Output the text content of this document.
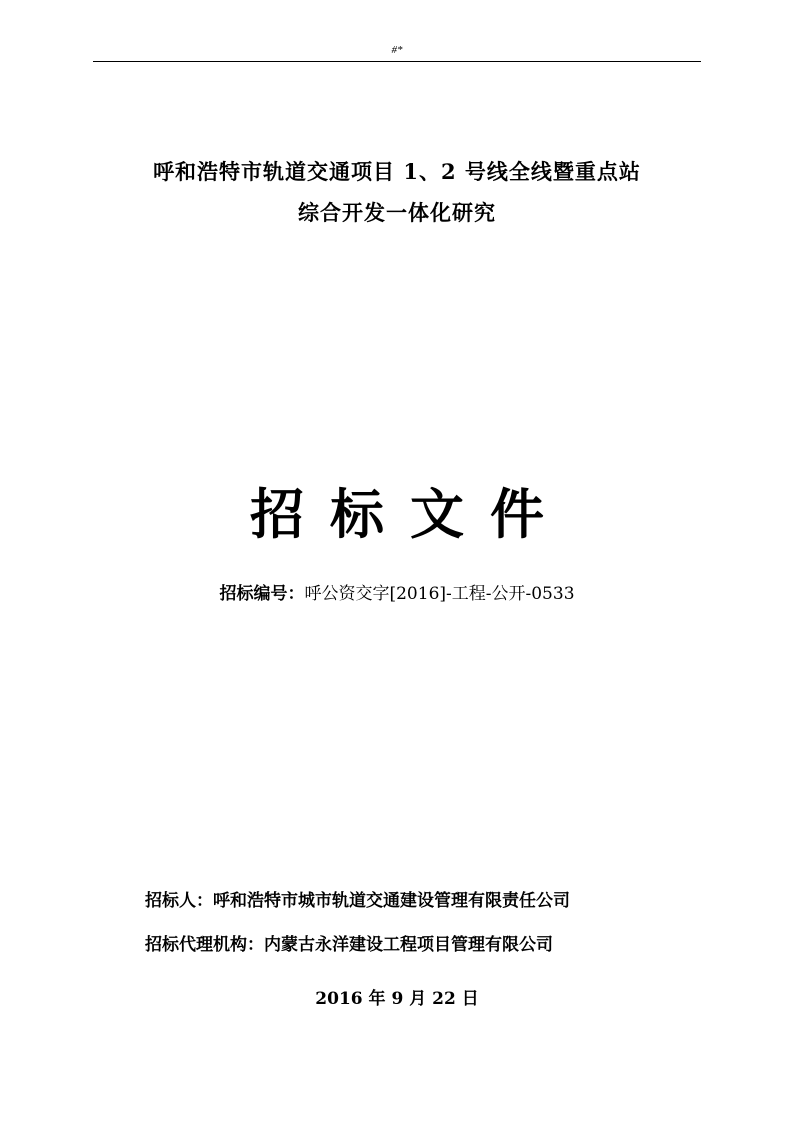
#*
呼和浩特市轨道交通项目 1、2 号线全线暨重点站
综合开发一体化研究
招标文件
招标编号：呼公资交字[2016]-工程-公开-0533
招标人：呼和浩特市城市轨道交通建设管理有限责任公司
招标代理机构：内蒙古永洋建设工程项目管理有限公司
2016 年 9 月 22 日
